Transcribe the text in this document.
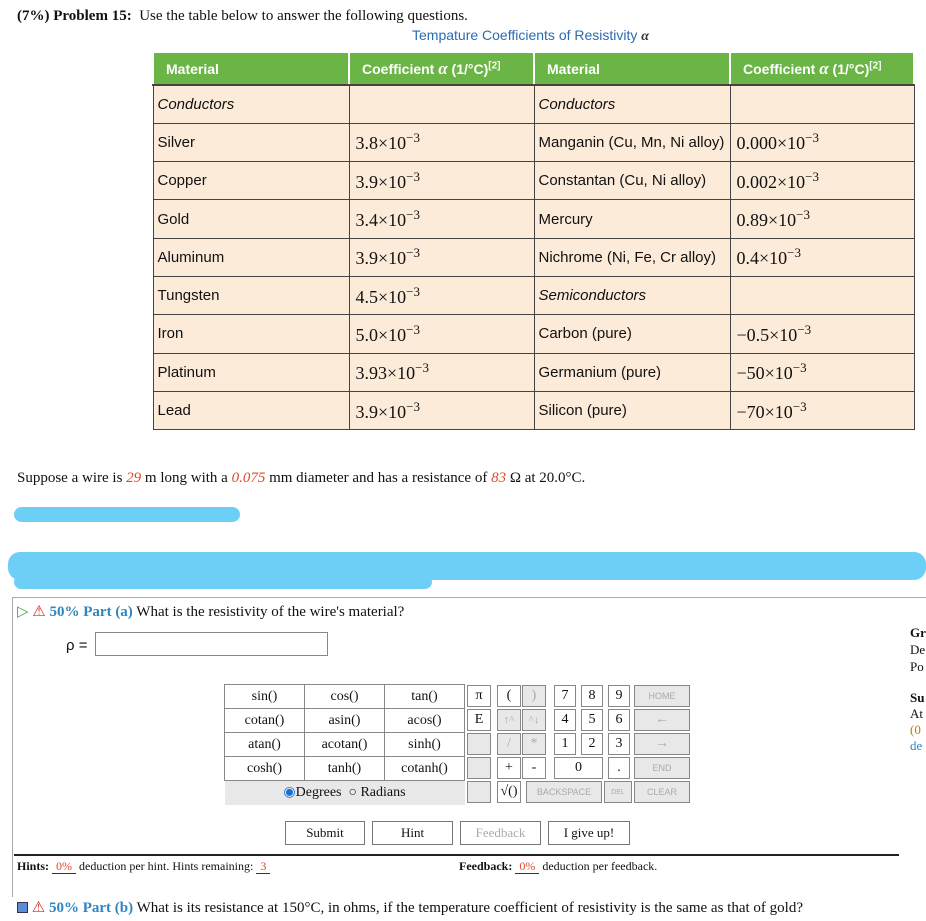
(7%) Problem 15: Use the table below to answer the following questions.
Tempature Coefficients of Resistivity α
Material	Coefficient α (1/°C)[2]	Material	Coefficient α (1/°C)[2]
Conductors		Conductors	
Silver	$3.8\times 10^{-3}$	Manganin (Cu, Mn, Ni alloy)	$0.000\times 10^{-3}$
Copper	$3.9\times 10^{-3}$	Constantan (Cu, Ni alloy)	$0.002\times 10^{-3}$
Gold	$3.4\times 10^{-3}$	Mercury	$0.89\times 10^{-3}$
Aluminum	$3.9\times 10^{-3}$	Nichrome (Ni, Fe, Cr alloy)	$0.4\times 10^{-3}$
Tungsten	$4.5\times 10^{-3}$	Semiconductors	
Iron	$5.0\times 10^{-3}$	Carbon (pure)	$-0.5\times 10^{-3}$
Platinum	$3.93\times 10^{-3}$	Germanium (pure)	$-50\times 10^{-3}$
Lead	$3.9\times 10^{-3}$	Silicon (pure)	$-70\times 10^{-3}$
Suppose a wire is 29 m long with a 0.075 mm diameter and has a resistance of 83 Ω at 20.0°C.
▷ ⚠ 50% Part (a) What is the resistivity of the wire's material?
ρ =
sin()	cos()	tan()
cotan()	asin()	acos()
atan()	acotan()	sinh()
cosh()	tanh()	cotanh()
◉Degrees ○ Radians		
π	(	)
E	↑^	^↓
/	*
+	-
√()
7	8	9
4	5	6
1	2	3
0	.
HOME
←
→
END
BACKSPACE	DEL	CLEAR
Submit	Hint	Feedback	I give up!
Hints: 0% deduction per hint. Hints remaining: 3	Feedback: 0% deduction per feedback.
⚠ 50% Part (b) What is its resistance at 150°C, in ohms, if the temperature coefficient of resistivity is the same as that of gold?
Gr
De
Po
Su
At
(0
de
